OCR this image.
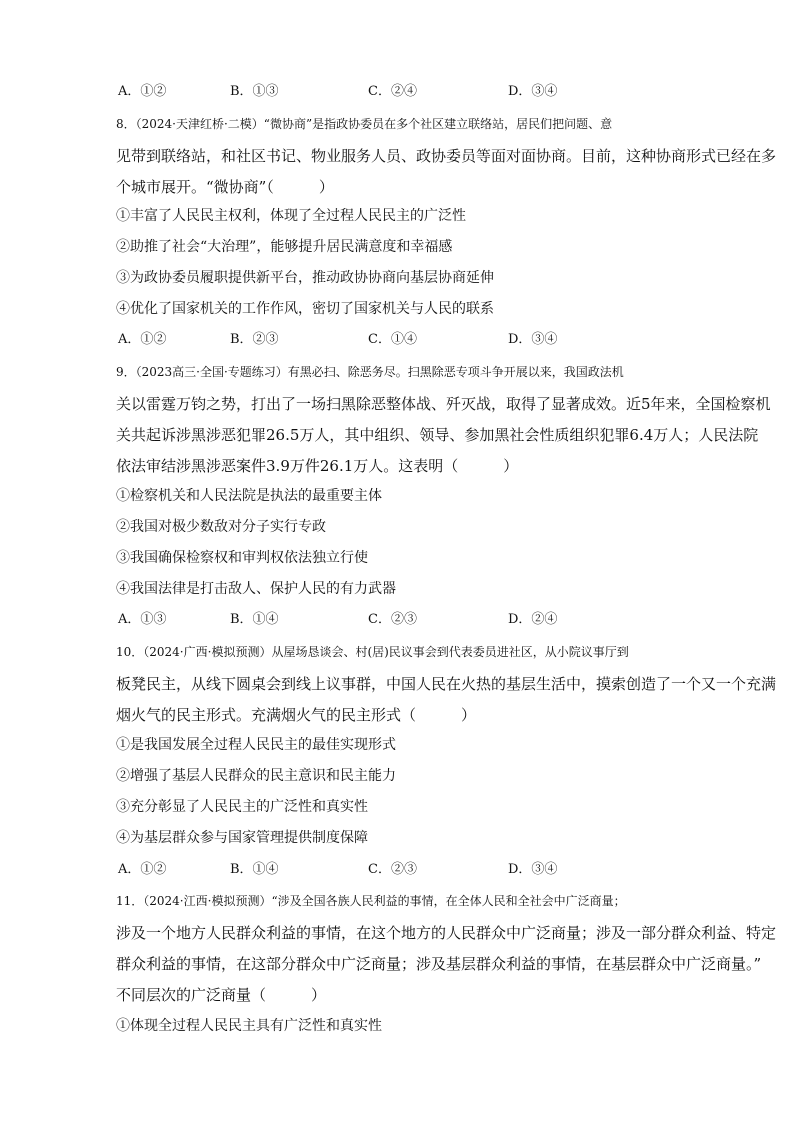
A．①②	B．①③	C．②④	D．③④
8．（2024·天津红桥·二模）“微协商”是指政协委员在多个社区建立联络站，居民们把问题、意
见带到联络站，和社区书记、物业服务人员、政协委员等面对面协商。目前，这种协商形式已经在多
个城市展开。“微协商”（　　　）
①丰富了人民民主权利，体现了全过程人民民主的广泛性
②助推了社会“大治理”，能够提升居民满意度和幸福感
③为政协委员履职提供新平台，推动政协协商向基层协商延伸
④优化了国家机关的工作作风，密切了国家机关与人民的联系
A．①②	B．②③	C．①④	D．③④
9．（2023高三·全国·专题练习）有黑必扫、除恶务尽。扫黑除恶专项斗争开展以来，我国政法机
关以雷霆万钧之势，打出了一场扫黑除恶整体战、歼灭战，取得了显著成效。近5年来，全国检察机
关共起诉涉黑涉恶犯罪26.5万人，其中组织、领导、参加黑社会性质组织犯罪6.4万人；人民法院
依法审结涉黑涉恶案件3.9万件26.1万人。这表明（　　　）
①检察机关和人民法院是执法的最重要主体
②我国对极少数敌对分子实行专政
③我国确保检察权和审判权依法独立行使
④我国法律是打击敌人、保护人民的有力武器
A．①③	B．①④	C．②③	D．②④
10．（2024·广西·模拟预测）从屋场恳谈会、村(居)民议事会到代表委员进社区，从小院议事厅到
板凳民主，从线下圆桌会到线上议事群，中国人民在火热的基层生活中，摸索创造了一个又一个充满
烟火气的民主形式。充满烟火气的民主形式（　　　）
①是我国发展全过程人民民主的最佳实现形式
②增强了基层人民群众的民主意识和民主能力
③充分彰显了人民民主的广泛性和真实性
④为基层群众参与国家管理提供制度保障
A．①②	B．①④	C．②③	D．③④
11．（2024·江西·模拟预测）“涉及全国各族人民利益的事情，在全体人民和全社会中广泛商量；
涉及一个地方人民群众利益的事情，在这个地方的人民群众中广泛商量；涉及一部分群众利益、特定
群众利益的事情，在这部分群众中广泛商量；涉及基层群众利益的事情，在基层群众中广泛商量。”
不同层次的广泛商量（　　　）
①体现全过程人民民主具有广泛性和真实性
